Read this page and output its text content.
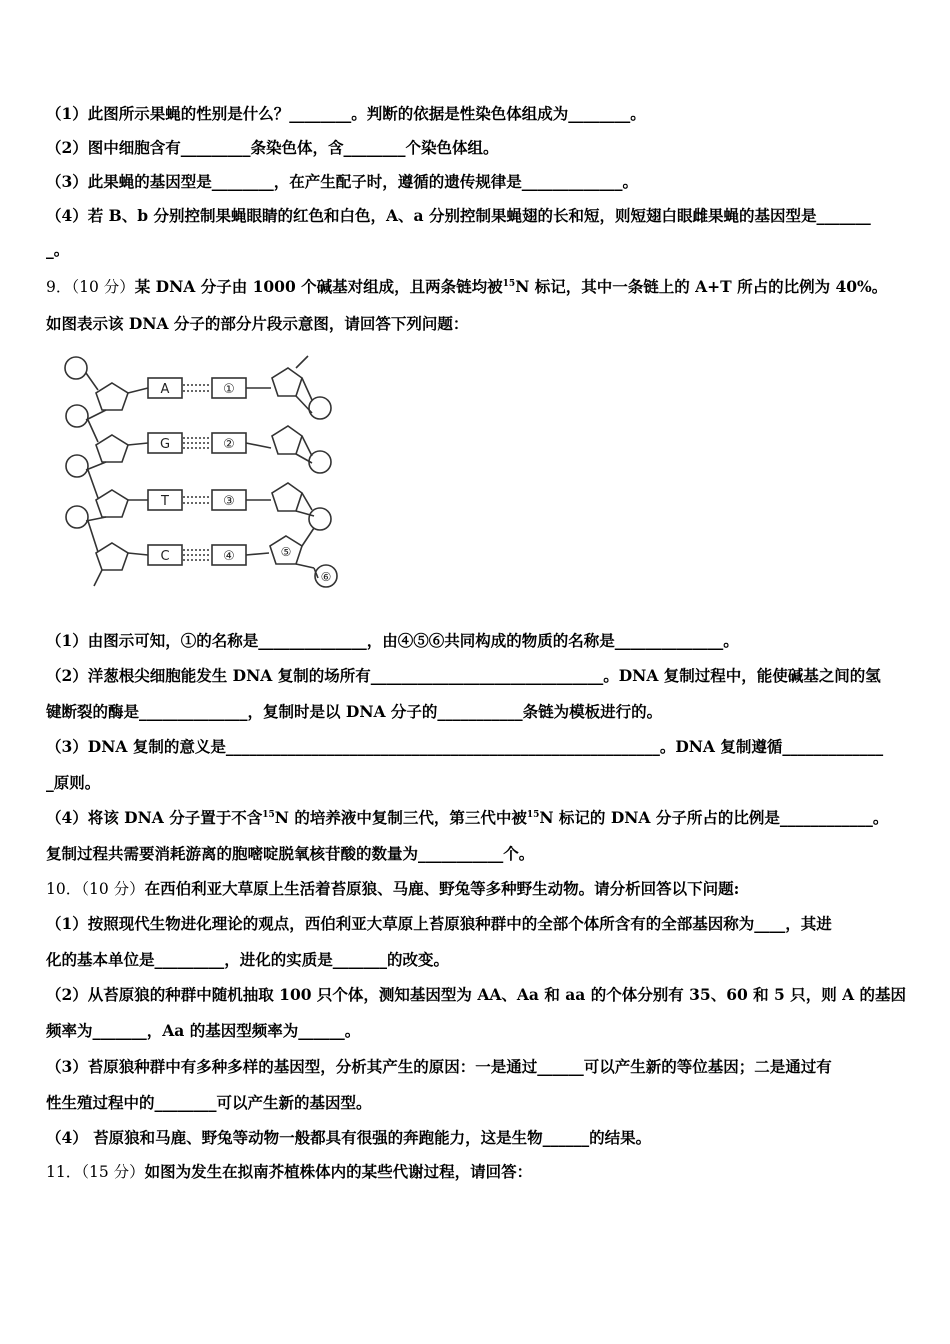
（1）此图所示果蝇的性别是什么？________。判断的依据是性染色体组成为________。
（2）图中细胞含有_________条染色体，含________个染色体组。
（3）此果蝇的基因型是________，在产生配子时，遵循的遗传规律是_____________。
（4）若 B、b 分别控制果蝇眼睛的红色和白色，A、a 分别控制果蝇翅的长和短，则短翅白眼雌果蝇的基因型是_______
_。
9．（10 分）某 DNA 分子由 1000 个碱基对组成，且两条链均被$^{15}$N 标记，其中一条链上的 A+T 所占的比例为 40%。
如图表示该 DNA 分子的部分片段示意图，请回答下列问题：
A
G
T
C
①
②
③
④	⑤
⑥
（1）由图示可知，①的名称是______________，由④⑤⑥共同构成的物质的名称是______________。
（2）洋葱根尖细胞能发生 DNA 复制的场所有______________________________。DNA 复制过程中，能使碱基之间的氢
键断裂的酶是______________，复制时是以 DNA 分子的___________条链为模板进行的。
（3）DNA 复制的意义是________________________________________________________。DNA 复制遵循_____________
_原则。
（4）将该 DNA 分子置于不含$^{15}$N 的培养液中复制三代，第三代中被$^{15}$N 标记的 DNA 分子所占的比例是____________。
复制过程共需要消耗游离的胞嘧啶脱氧核苷酸的数量为___________个。
10．（10 分）在西伯利亚大草原上生活着苔原狼、马鹿、野兔等多种野生动物。请分析回答以下问题:
（1）按照现代生物进化理论的观点，西伯利亚大草原上苔原狼种群中的全部个体所含有的全部基因称为____，其进
化的基本单位是_________，进化的实质是_______的改变。
（2）从苔原狼的种群中随机抽取 100 只个体，测知基因型为 AA、Aa 和 aa 的个体分别有 35、60 和 5 只，则 A 的基因
频率为_______，Aa 的基因型频率为______。
（3）苔原狼种群中有多种多样的基因型，分析其产生的原因：一是通过______可以产生新的等位基因；二是通过有
性生殖过程中的________可以产生新的基因型。
（4） 苔原狼和马鹿、野兔等动物一般都具有很强的奔跑能力，这是生物______的结果。
11．（15 分）如图为发生在拟南芥植株体内的某些代谢过程，请回答：
